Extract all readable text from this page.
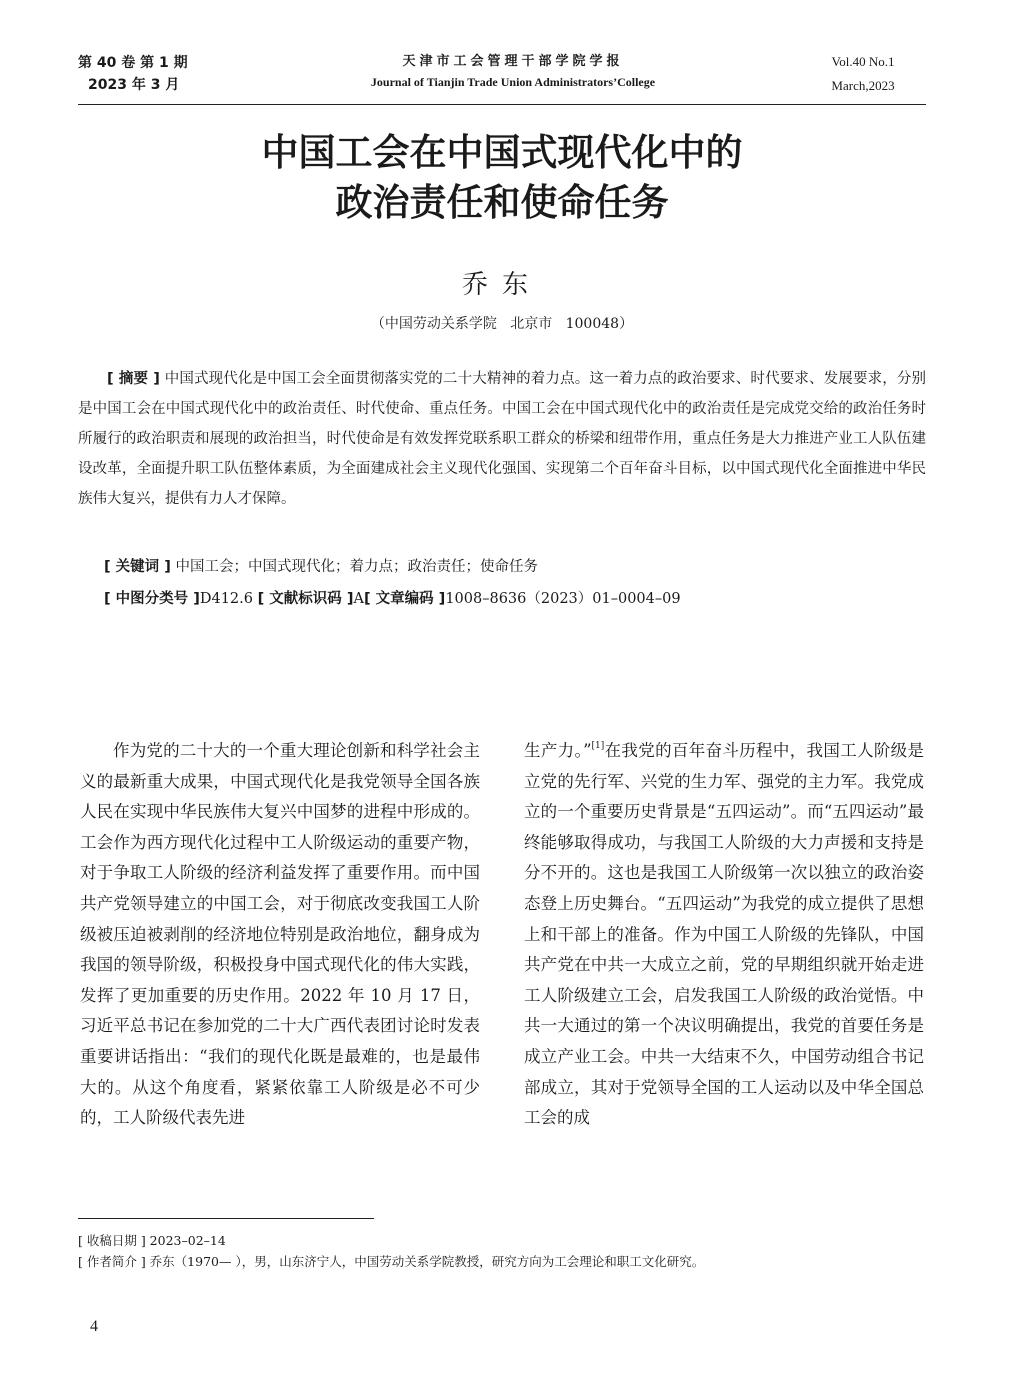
第 40 卷 第 1 期
2023 年 3 月
天津市工会管理干部学院学报
Journal of Tianjin Trade Union Administrators’College
Vol.40 No.1
March,2023
中国工会在中国式现代化中的
政治责任和使命任务
乔东
（中国劳动关系学院   北京市   100048）
[ 摘要 ] 中国式现代化是中国工会全面贯彻落实党的二十大精神的着力点。这一着力点的政治要求、时代要求、发展要求，分别是中国工会在中国式现代化中的政治责任、时代使命、重点任务。中国工会在中国式现代化中的政治责任是完成党交给的政治任务时所履行的政治职责和展现的政治担当，时代使命是有效发挥党联系职工群众的桥梁和纽带作用，重点任务是大力推进产业工人队伍建设改革，全面提升职工队伍整体素质，为全面建成社会主义现代化强国、实现第二个百年奋斗目标，以中国式现代化全面推进中华民族伟大复兴，提供有力人才保障。
[ 关键词 ] 中国工会；中国式现代化；着力点；政治责任；使命任务
[ 中图分类号 ]D412.6 [ 文献标识码 ]A[ 文章编码 ]1008–8636（2023）01–0004–09
作为党的二十大的一个重大理论创新和科学社会主义的最新重大成果，中国式现代化是我党领导全国各族人民在实现中华民族伟大复兴中国梦的进程中形成的。工会作为西方现代化过程中工人阶级运动的重要产物，对于争取工人阶级的经济利益发挥了重要作用。而中国共产党领导建立的中国工会，对于彻底改变我国工人阶级被压迫被剥削的经济地位特别是政治地位，翻身成为我国的领导阶级，积极投身中国式现代化的伟大实践，发挥了更加重要的历史作用。2022 年 10 月 17 日，习近平总书记在参加党的二十大广西代表团讨论时发表重要讲话指出：“我们的现代化既是最难的，也是最伟大的。从这个角度看，紧紧依靠工人阶级是必不可少的，工人阶级代表先进
生产力。”[1]在我党的百年奋斗历程中，我国工人阶级是立党的先行军、兴党的生力军、强党的主力军。我党成立的一个重要历史背景是“五四运动”。而“五四运动”最终能够取得成功，与我国工人阶级的大力声援和支持是分不开的。这也是我国工人阶级第一次以独立的政治姿态登上历史舞台。“五四运动”为我党的成立提供了思想上和干部上的准备。作为中国工人阶级的先锋队，中国共产党在中共一大成立之前，党的早期组织就开始走进工人阶级建立工会，启发我国工人阶级的政治觉悟。中共一大通过的第一个决议明确提出，我党的首要任务是成立产业工会。中共一大结束不久，中国劳动组合书记部成立，其对于党领导全国的工人运动以及中华全国总工会的成
[ 收稿日期 ] 2023–02–14
[ 作者简介 ] 乔东（1970— ），男，山东济宁人，中国劳动关系学院教授，研究方向为工会理论和职工文化研究。
4
